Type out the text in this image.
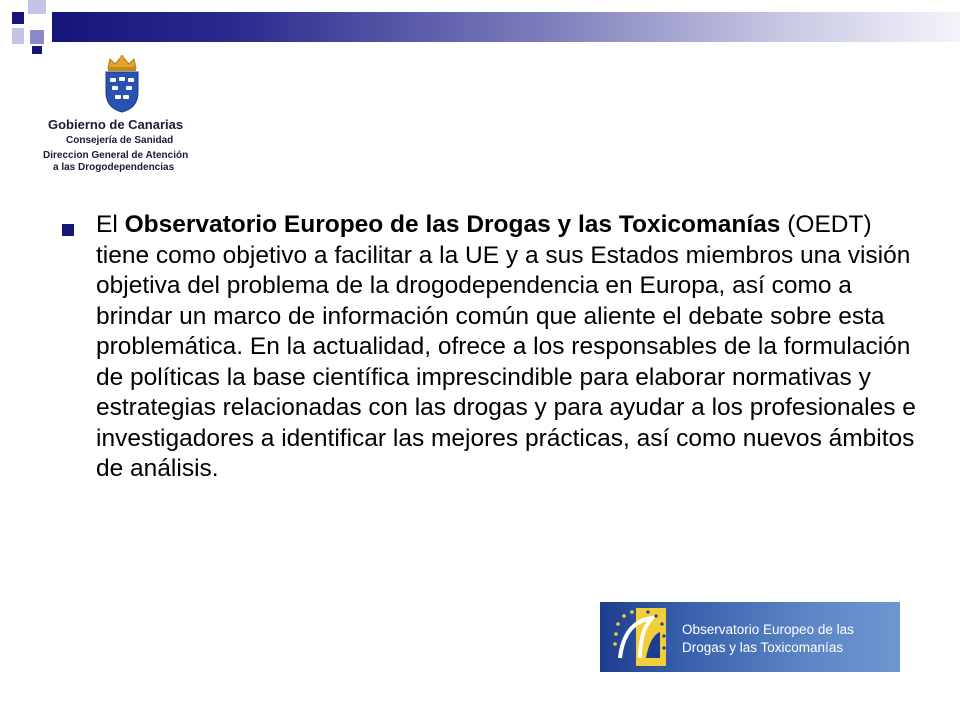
Gobierno de Canarias
Consejería de Sanidad
Direccion General de Atención
a las Drogodependencias

El Observatorio Europeo de las Drogas y las Toxicomanías (OEDT) tiene como objetivo a facilitar a la UE y a sus Estados miembros una visión objetiva del problema de la drogodependencia en Europa, así como a brindar un marco de información común que aliente el debate sobre esta problemática. En la actualidad, ofrece a los responsables de la formulación de políticas la base científica imprescindible para elaborar normativas y estrategias relacionadas con las drogas y para ayudar a los profesionales e investigadores a identificar las mejores prácticas, así como nuevos ámbitos de análisis.

Observatorio Europeo de las
Drogas y las Toxicomanías
